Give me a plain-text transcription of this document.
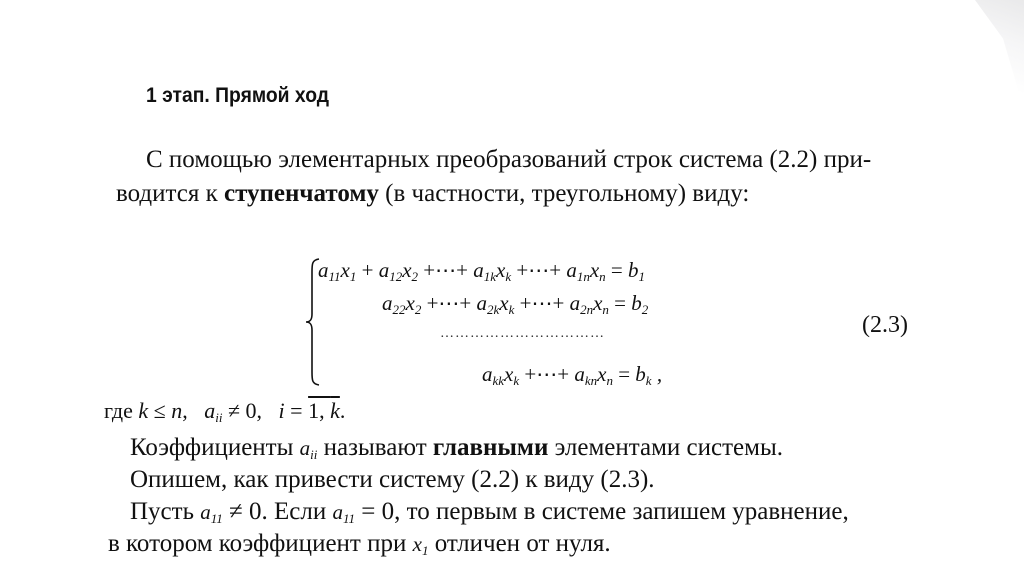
1 этап. Прямой ход

С помощью элементарных преобразований строк система (2.2) при-

водится к ступенчатому (в частности, треугольному) виду:

$a_{11}x_1 + a_{12}x_2$ +⋯+ $a_{1k}x_k$ +⋯+ $a_{1n}x_n = b_1$
$a_{22}x_2$ +⋯+ $a_{2k}x_k$ +⋯+ $a_{2n}x_n = b_2$
……………………………
$a_{kk}x_k$ +⋯+ $a_{kn}x_n = b_k$ ,
(2.3)
где k ≤ n,   $a_{ii} \ne 0$,   i = 1, k.
Коэффициенты $a_{ii}$ называют главными элементами системы.
Опишем, как привести систему (2.2) к виду (2.3).
Пусть $a_{11} \ne 0$. Если $a_{11} = 0$, то первым в системе запишем уравнение,
в котором коэффициент при $x_1$ отличен от нуля.
